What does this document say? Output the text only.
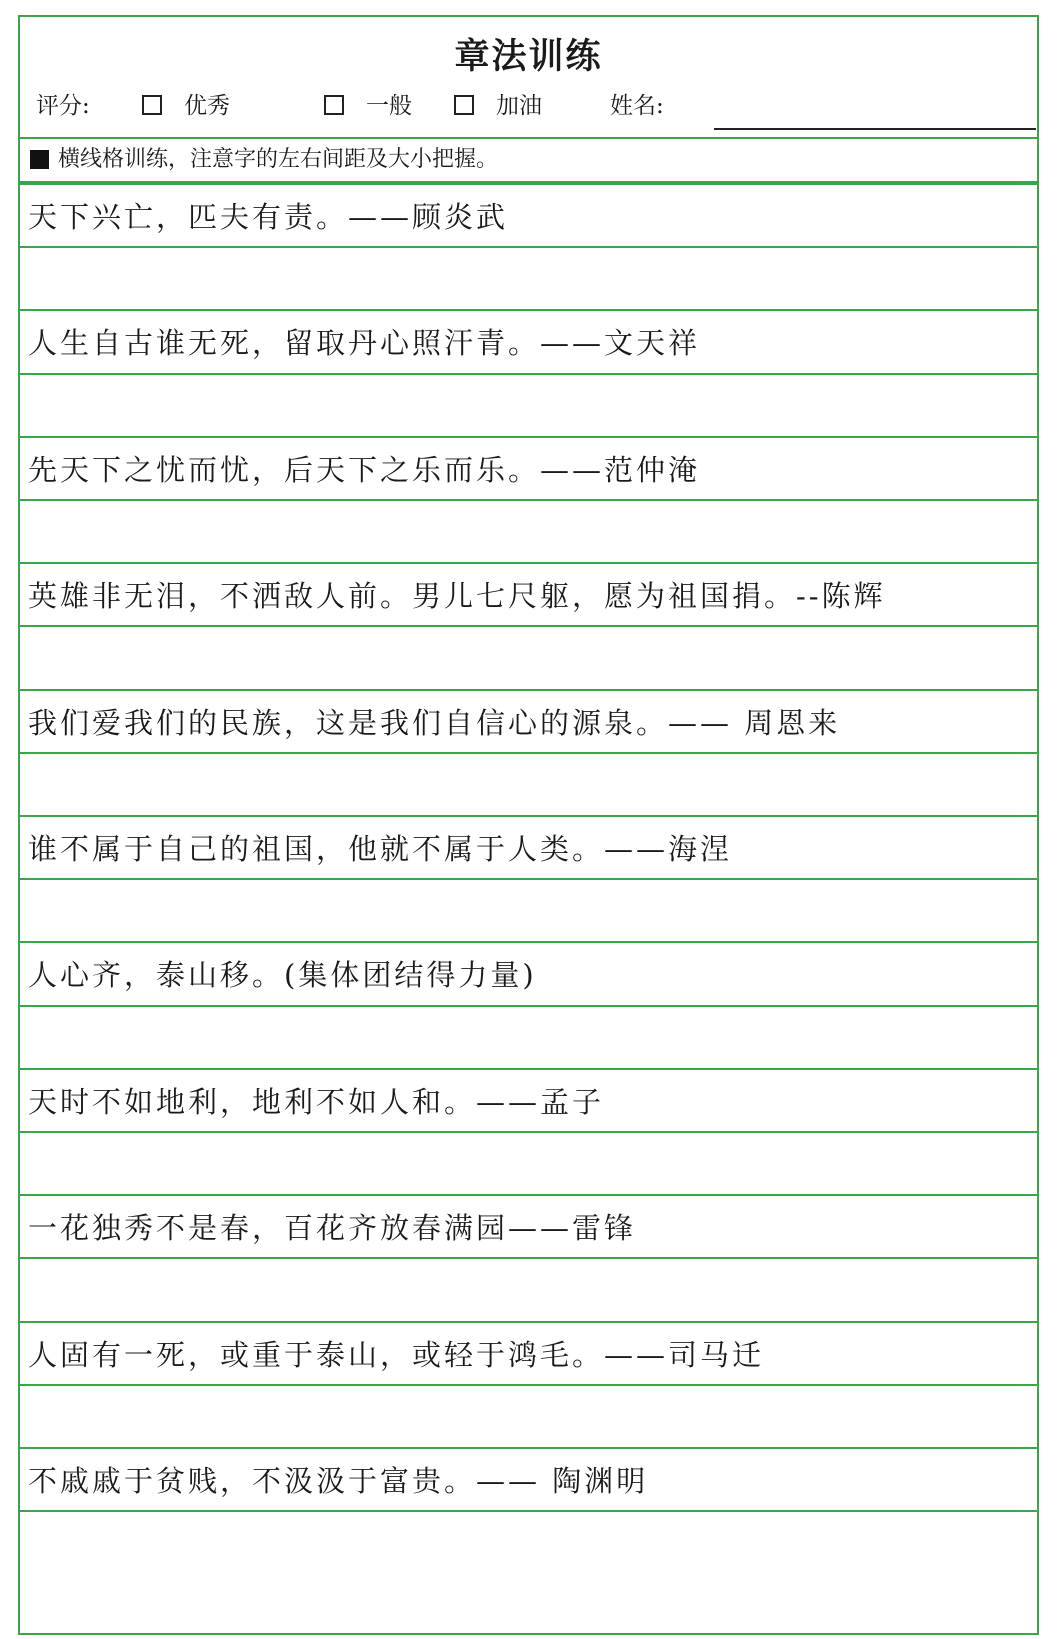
章法训练
评分:	优秀	一般	加油	姓名:
横线格训练，注意字的左右间距及大小把握。
天下兴亡，匹夫有责。——顾炎武
人生自古谁无死，留取丹心照汗青。——文天祥
先天下之忧而忧，后天下之乐而乐。——范仲淹
英雄非无泪，不洒敌人前。男儿七尺躯，愿为祖国捐。--陈辉
我们爱我们的民族，这是我们自信心的源泉。—— 周恩来
谁不属于自己的祖国，他就不属于人类。——海涅
人心齐，泰山移。(集体团结得力量)
天时不如地利，地利不如人和。——孟子
一花独秀不是春，百花齐放春满园——雷锋
人固有一死，或重于泰山，或轻于鸿毛。——司马迁
不戚戚于贫贱，不汲汲于富贵。—— 陶渊明
